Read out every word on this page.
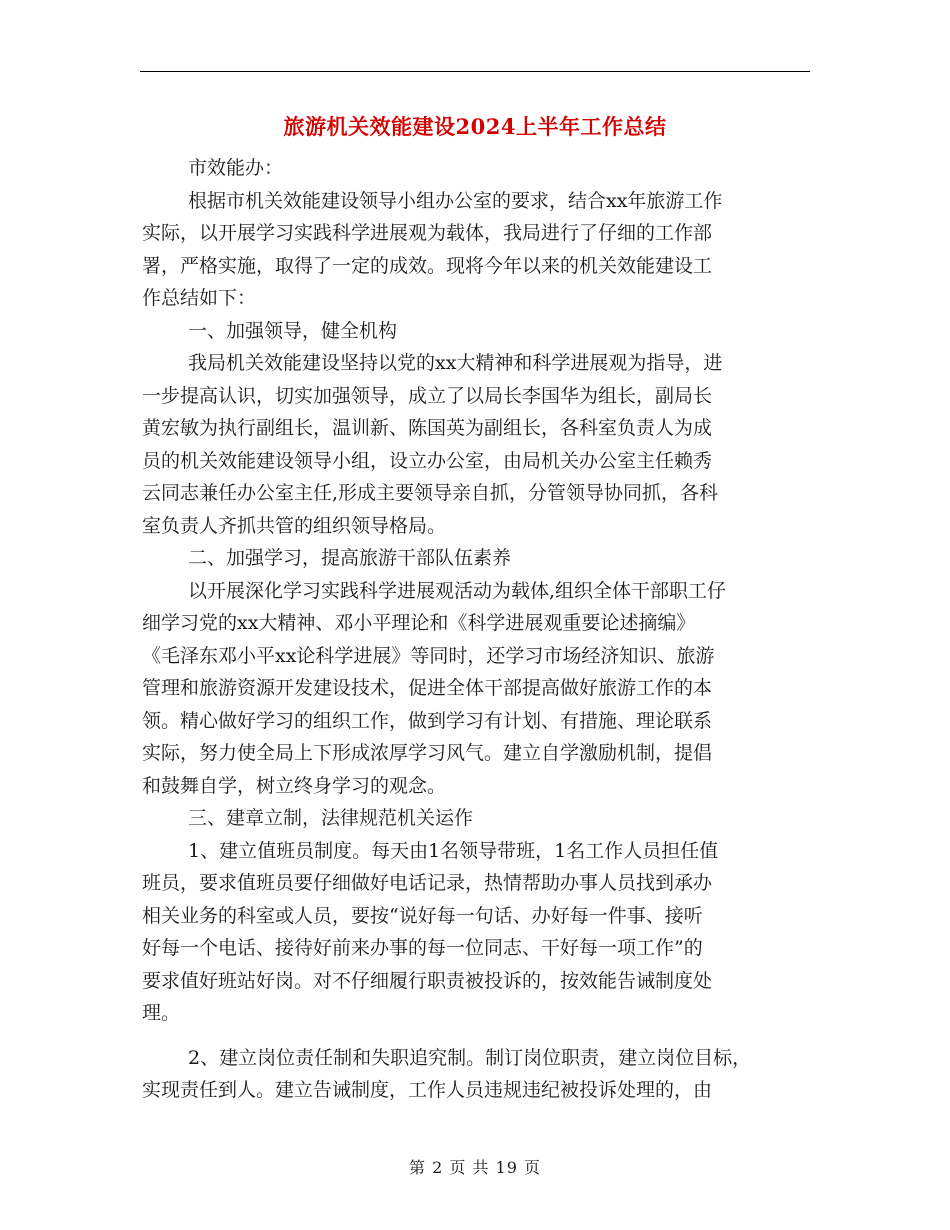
旅游机关效能建设2024上半年工作总结
市效能办：
根据市机关效能建设领导小组办公室的要求，结合xx年旅游工作
实际，以开展学习实践科学进展观为载体，我局进行了仔细的工作部
署，严格实施，取得了一定的成效。现将今年以来的机关效能建设工
作总结如下：
一、加强领导，健全机构
我局机关效能建设坚持以党的xx大精神和科学进展观为指导，进
一步提高认识，切实加强领导，成立了以局长李国华为组长，副局长
黄宏敏为执行副组长，温训新、陈国英为副组长，各科室负责人为成
员的机关效能建设领导小组，设立办公室，由局机关办公室主任赖秀
云同志兼任办公室主任,形成主要领导亲自抓，分管领导协同抓，各科
室负责人齐抓共管的组织领导格局。
二、加强学习，提高旅游干部队伍素养
以开展深化学习实践科学进展观活动为载体,组织全体干部职工仔
细学习党的xx大精神、邓小平理论和《科学进展观重要论述摘编》
《毛泽东邓小平xx论科学进展》等同时，还学习市场经济知识、旅游
管理和旅游资源开发建设技术，促进全体干部提高做好旅游工作的本
领。精心做好学习的组织工作，做到学习有计划、有措施、理论联系
实际，努力使全局上下形成浓厚学习风气。建立自学激励机制，提倡
和鼓舞自学，树立终身学习的观念。
三、建章立制，法律规范机关运作
1、建立值班员制度。每天由1名领导带班，1名工作人员担任值
班员，要求值班员要仔细做好电话记录，热情帮助办事人员找到承办
相关业务的科室或人员，要按“说好每一句话、办好每一件事、接听
好每一个电话、接待好前来办事的每一位同志、干好每一项工作”的
要求值好班站好岗。对不仔细履行职责被投诉的，按效能告诫制度处
理。
2、建立岗位责任制和失职追究制。制订岗位职责，建立岗位目标，
实现责任到人。建立告诫制度，工作人员违规违纪被投诉处理的，由
第 2 页 共 19 页
